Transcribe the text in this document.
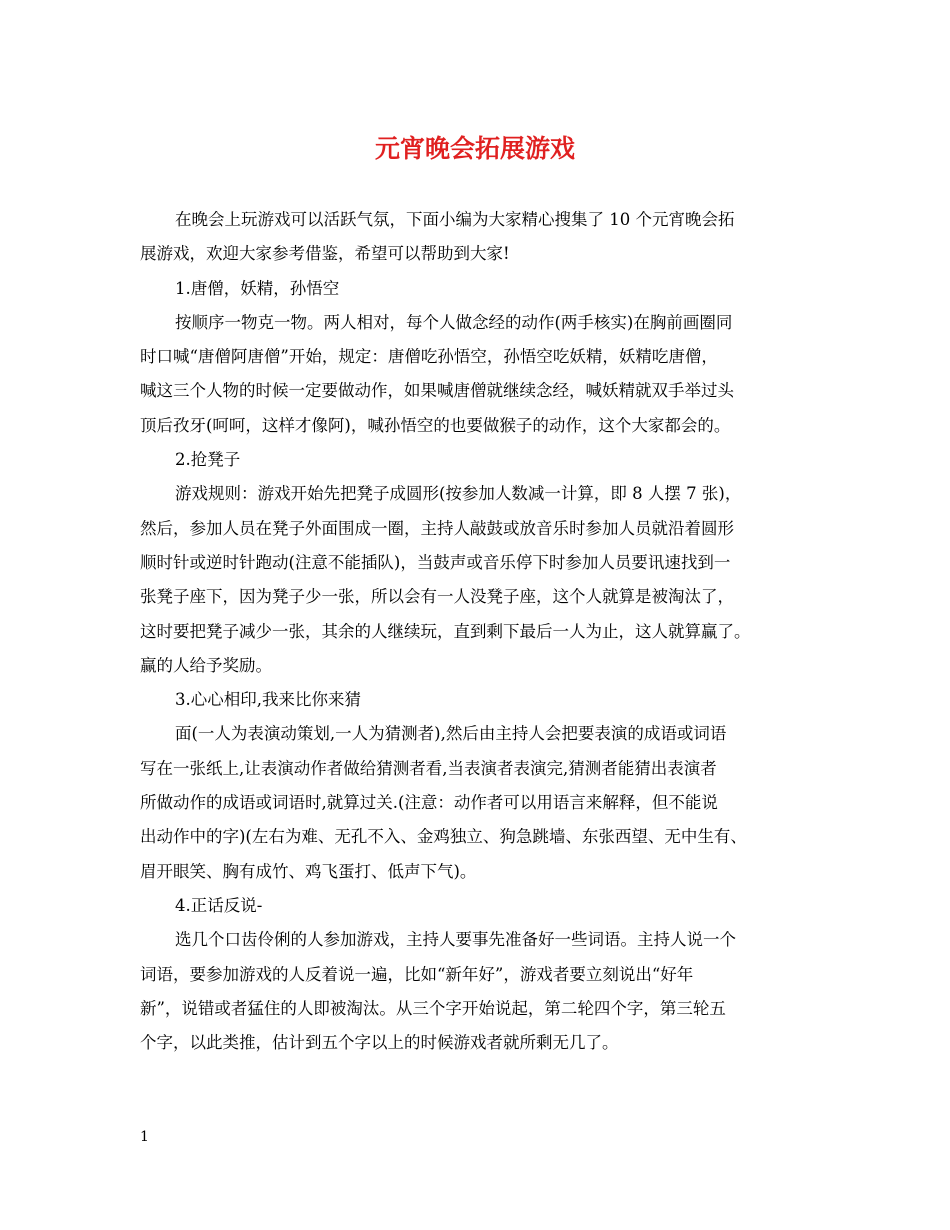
元宵晚会拓展游戏
在晚会上玩游戏可以活跃气氛，下面小编为大家精心搜集了 10 个元宵晚会拓
展游戏，欢迎大家参考借鉴，希望可以帮助到大家!
1.唐僧，妖精，孙悟空
按顺序一物克一物。两人相对，每个人做念经的动作(两手核实)在胸前画圈同
时口喊“唐僧阿唐僧”开始，规定：唐僧吃孙悟空，孙悟空吃妖精，妖精吃唐僧，
喊这三个人物的时候一定要做动作，如果喊唐僧就继续念经，喊妖精就双手举过头
顶后孜牙(呵呵，这样才像阿)，喊孙悟空的也要做猴子的动作，这个大家都会的。
2.抢凳子
游戏规则：游戏开始先把凳子成圆形(按参加人数减一计算，即 8 人摆 7 张)，
然后，参加人员在凳子外面围成一圈，主持人敲鼓或放音乐时参加人员就沿着圆形
顺时针或逆时针跑动(注意不能插队)，当鼓声或音乐停下时参加人员要讯速找到一
张凳子座下，因为凳子少一张，所以会有一人没凳子座，这个人就算是被淘汰了，
这时要把凳子减少一张，其余的人继续玩，直到剩下最后一人为止，这人就算赢了。
赢的人给予奖励。
3.心心相印,我来比你来猜
面(一人为表演动策划,一人为猜测者),然后由主持人会把要表演的成语或词语
写在一张纸上,让表演动作者做给猜测者看,当表演者表演完,猜测者能猜出表演者
所做动作的成语或词语时,就算过关.(注意：动作者可以用语言来解释，但不能说
出动作中的字)(左右为难、无孔不入、金鸡独立、狗急跳墙、东张西望、无中生有、
眉开眼笑、胸有成竹、鸡飞蛋打、低声下气)。
4.正话反说-
选几个口齿伶俐的人参加游戏，主持人要事先准备好一些词语。主持人说一个
词语，要参加游戏的人反着说一遍，比如“新年好”，游戏者要立刻说出“好年
新”，说错或者猛住的人即被淘汰。从三个字开始说起，第二轮四个字，第三轮五
个字，以此类推，估计到五个字以上的时候游戏者就所剩无几了。
1
